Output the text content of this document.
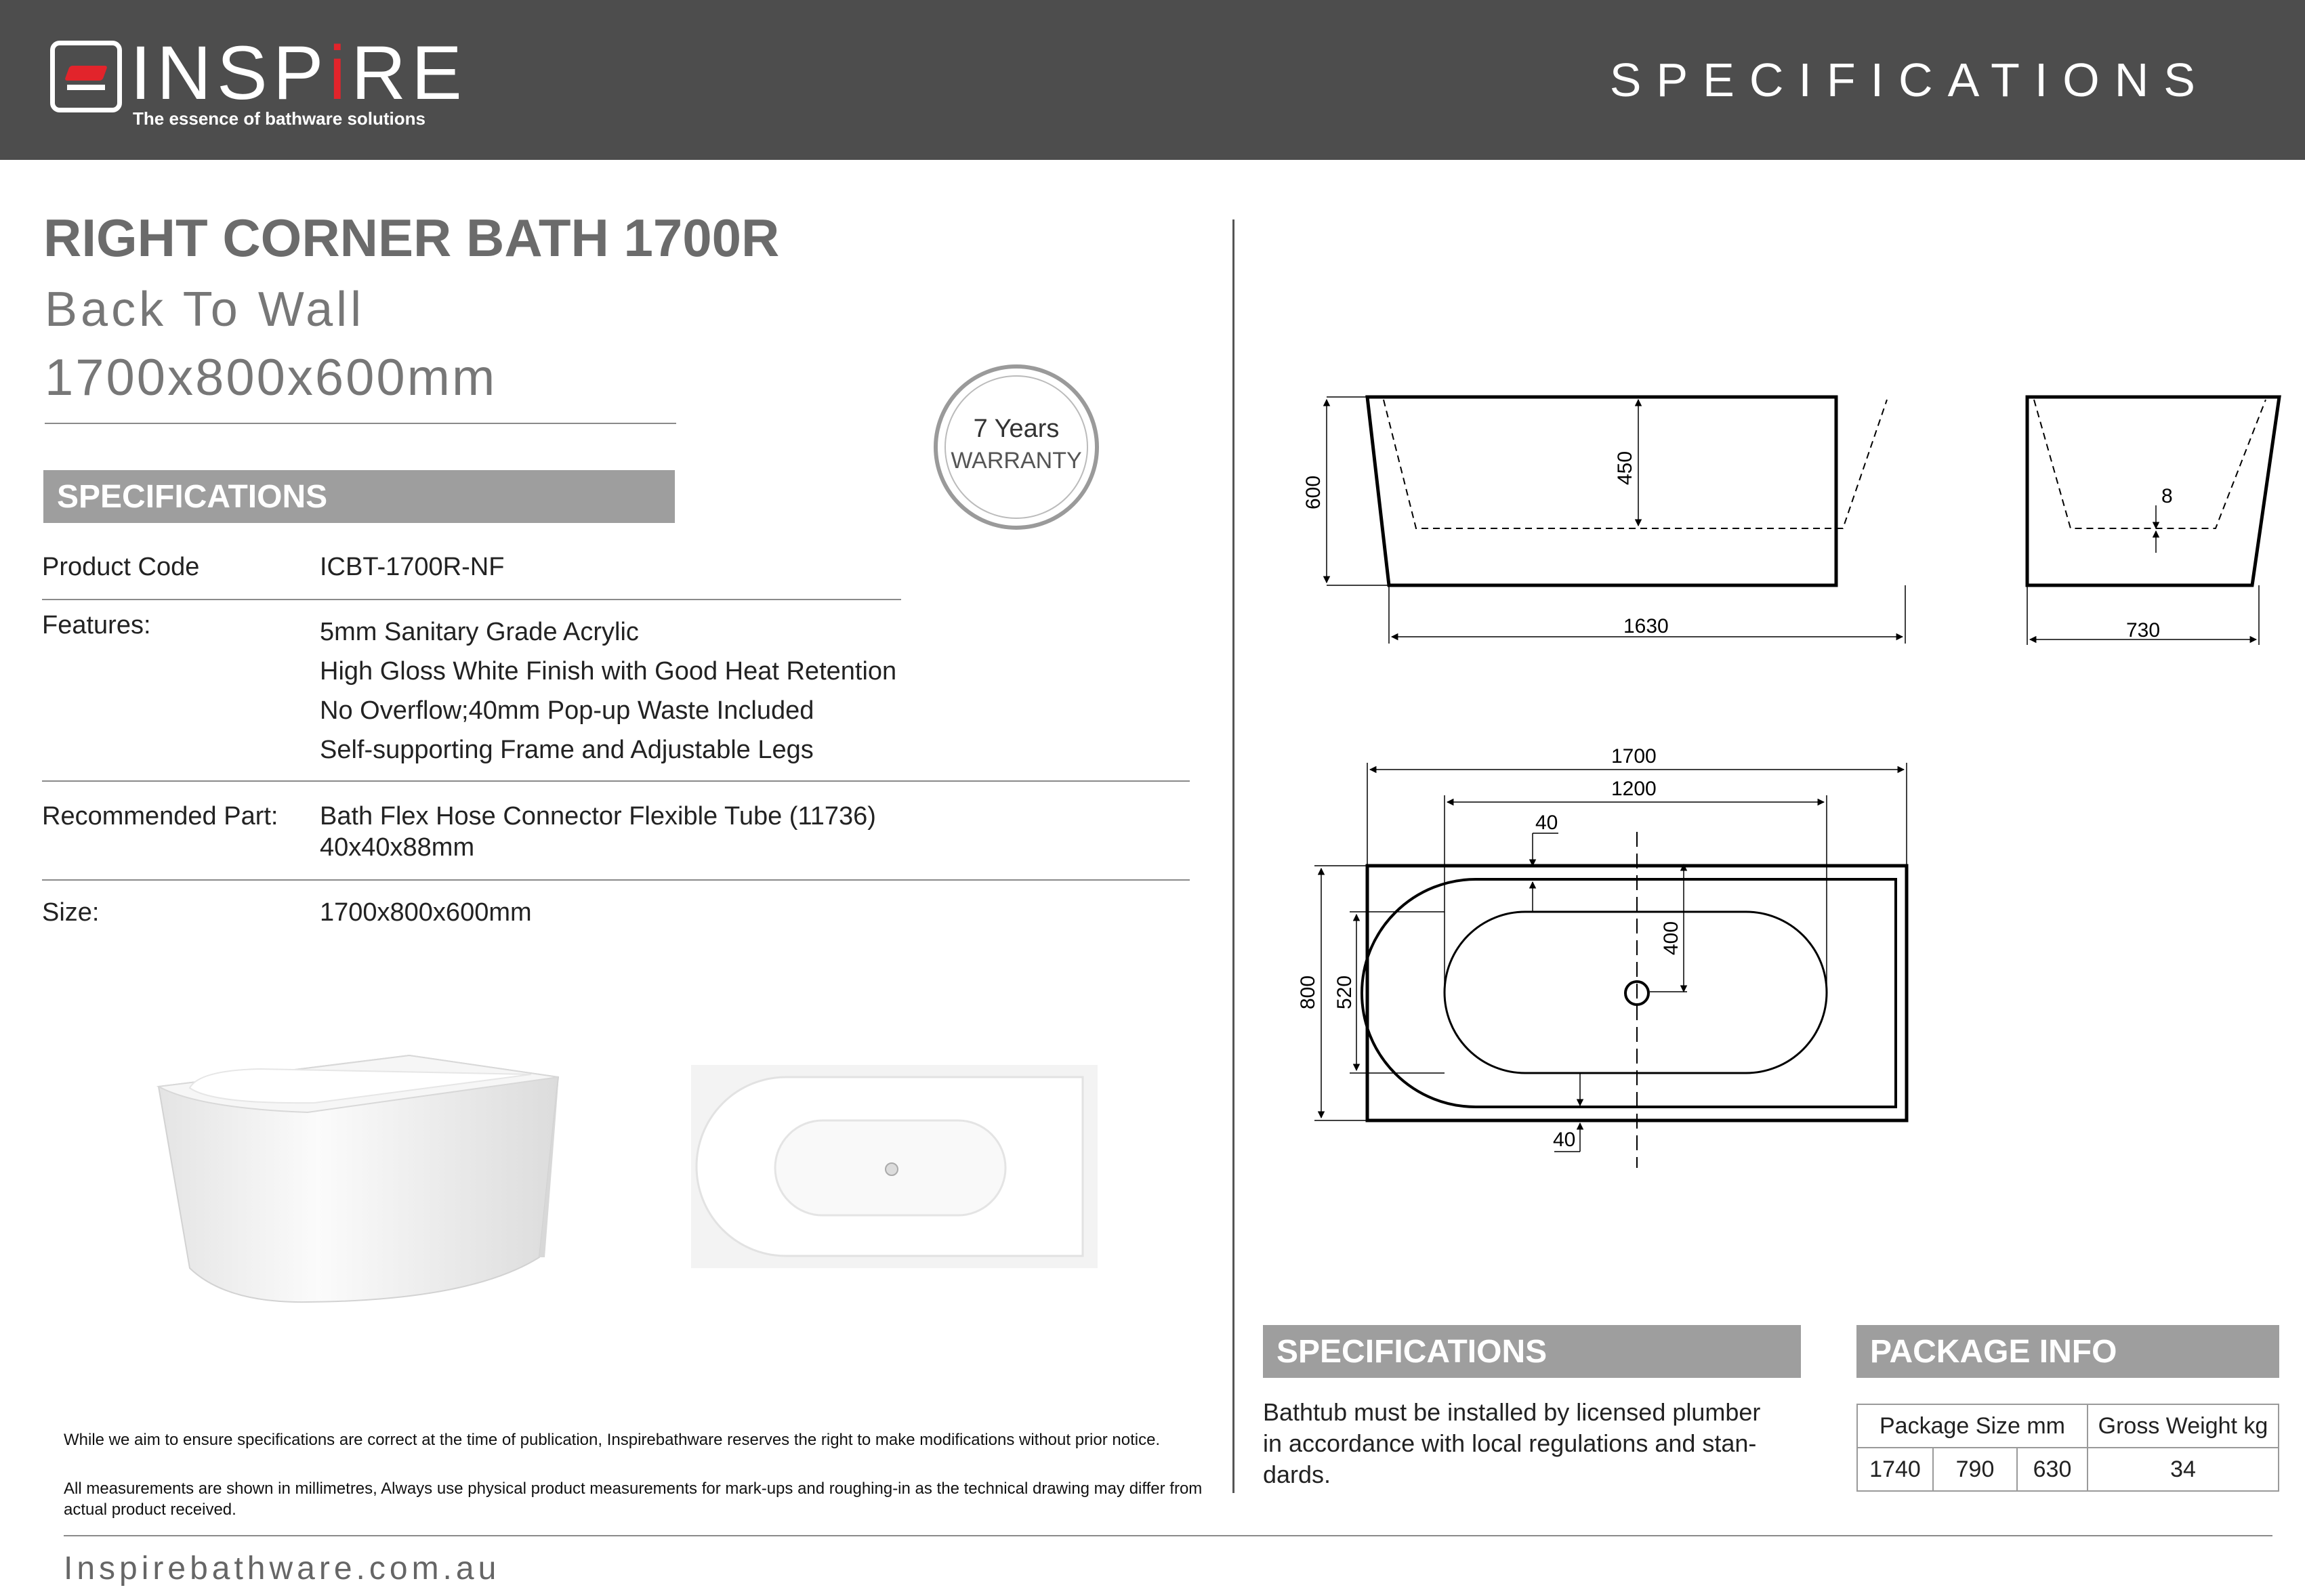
INSPiRE
The essence of bathware solutions
SPECIFICATIONS
RIGHT CORNER BATH 1700R
Back To Wall
1700x800x600mm
7 Years
WARRANTY
SPECIFICATIONS
Product Code	ICBT-1700R-NF
Features:	5mm Sanitary Grade Acrylic
High Gloss White Finish with Good Heat Retention
No Overflow;40mm Pop-up Waste Included
Self-supporting Frame and Adjustable Legs
Recommended Part: Bath Flex Hose Connector Flexible Tube (11736)
40x40x88mm
Size:	1700x800x600mm
While we aim to ensure specifications are correct at the time of publication, Inspirebathware reserves the right to make modifications without prior notice.
All measurements are shown in millimetres, Always use physical product measurements for mark-ups and roughing-in as the technical drawing may differ from actual product received.
Inspirebathware.com.au
600
450
1630
8
730
1700
1200
40
400
800 520
40
SPECIFICATIONS
Bathtub must be installed by licensed plumber
in accordance with local regulations and stan-
dards.
PACKAGE INFO
Package Size mm			Gross Weight kg
1740	790	630	34
